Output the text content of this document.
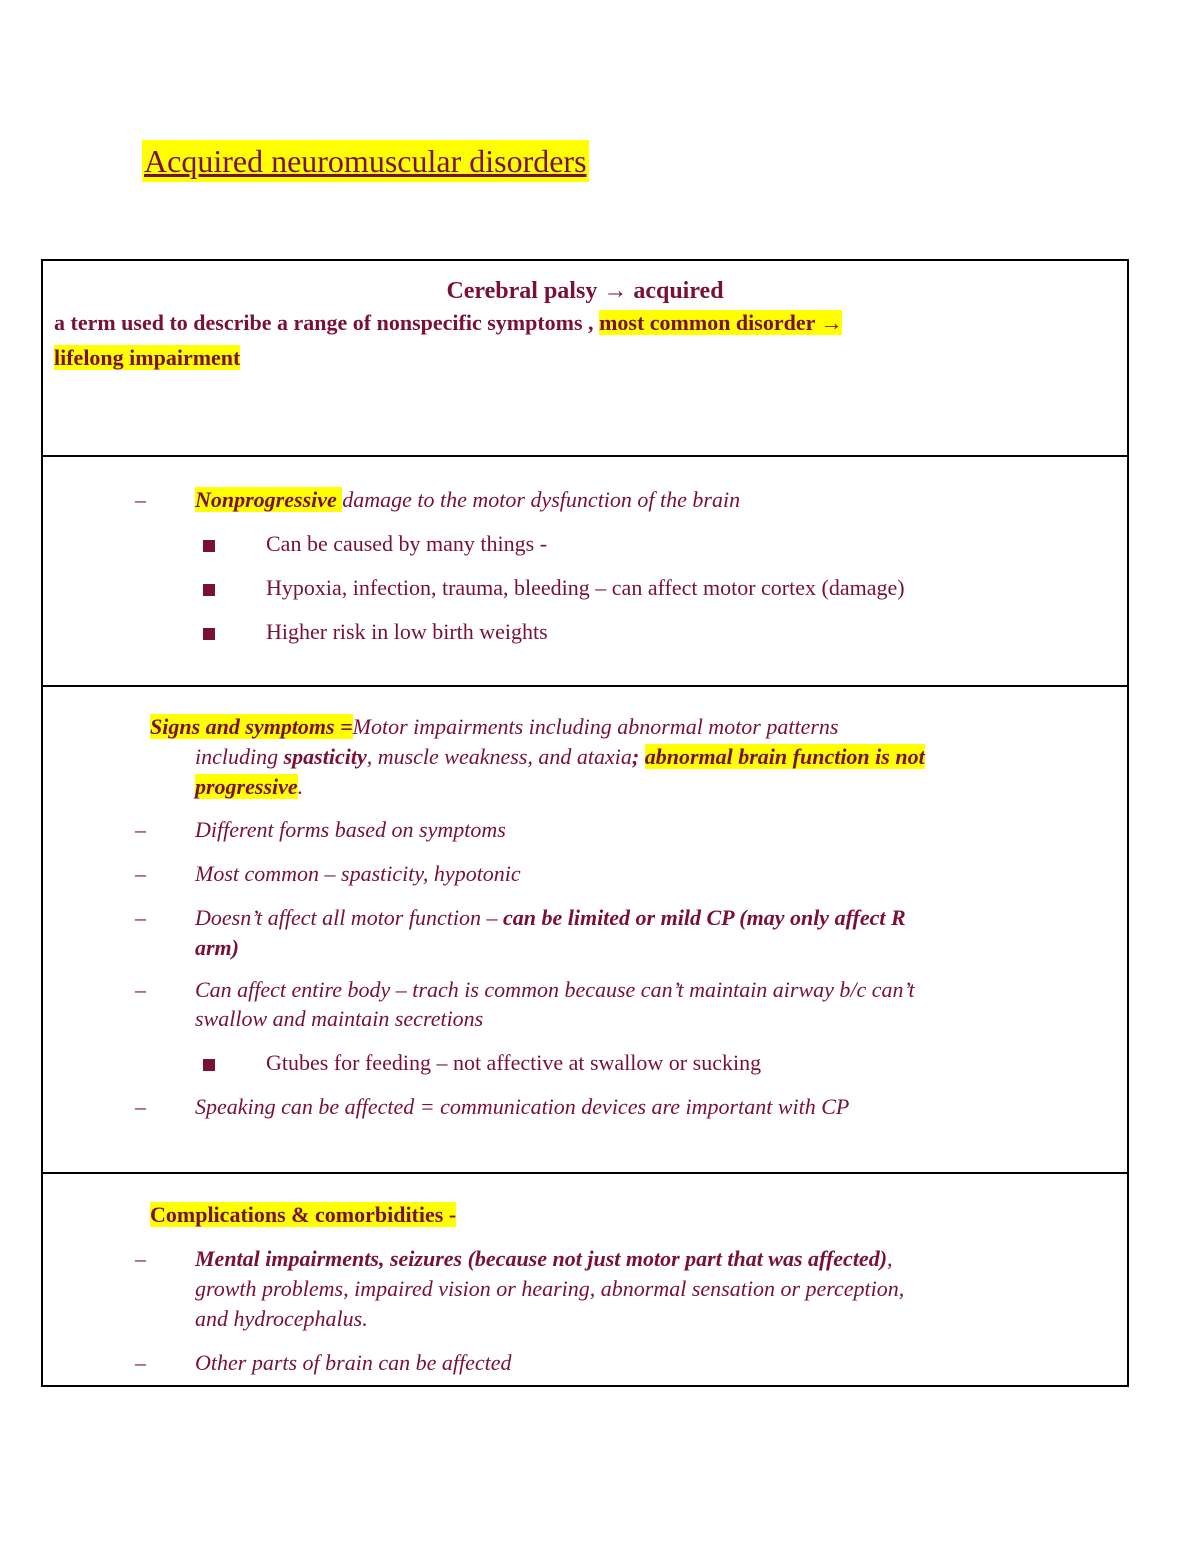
Acquired neuromuscular disorders
Cerebral palsy → acquired
a term used to describe a range of nonspecific symptoms , most common disorder →
lifelong impairment
– Nonprogressive damage to the motor dysfunction of the brain
Can be caused by many things -
Hypoxia, infection, trauma, bleeding – can affect motor cortex (damage)
Higher risk in low birth weights
Signs and symptoms =Motor impairments including abnormal motor patterns
including spasticity, muscle weakness, and ataxia; abnormal brain function is not
progressive.
– Different forms based on symptoms
– Most common – spasticity, hypotonic
– Doesn’t affect all motor function – can be limited or mild CP (may only affect R
arm)
– Can affect entire body – trach is common because can’t maintain airway b/c can’t
swallow and maintain secretions
Gtubes for feeding – not affective at swallow or sucking
– Speaking can be affected = communication devices are important with CP
Complications & comorbidities -
– Mental impairments, seizures (because not just motor part that was affected),
growth problems, impaired vision or hearing, abnormal sensation or perception,
and hydrocephalus.
– Other parts of brain can be affected
